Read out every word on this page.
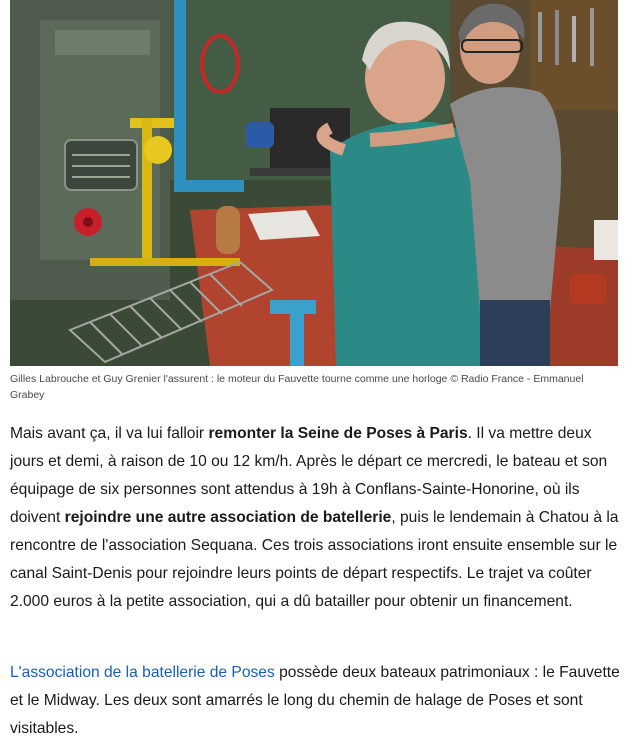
Gilles Labrouche et Guy Grenier l'assurent : le moteur du Fauvette tourne comme une horloge © Radio France - Emmanuel Grabey

Mais avant ça, il va lui falloir remonter la Seine de Poses à Paris. Il va mettre deux jours et demi, à raison de 10 ou 12 km/h. Après le départ ce mercredi, le bateau et son équipage de six personnes sont attendus à 19h à Conflans-Sainte-Honorine, où ils doivent rejoindre une autre association de batellerie, puis le lendemain à Chatou à la rencontre de l'association Sequana. Ces trois associations iront ensuite ensemble sur le canal Saint-Denis pour rejoindre leurs points de départ respectifs. Le trajet va coûter 2.000 euros à la petite association, qui a dû batailler pour obtenir un financement.

L'association de la batellerie de Poses possède deux bateaux patrimoniaux : le Fauvette et le Midway. Les deux sont amarrés le long du chemin de halage de Poses et sont visitables.
